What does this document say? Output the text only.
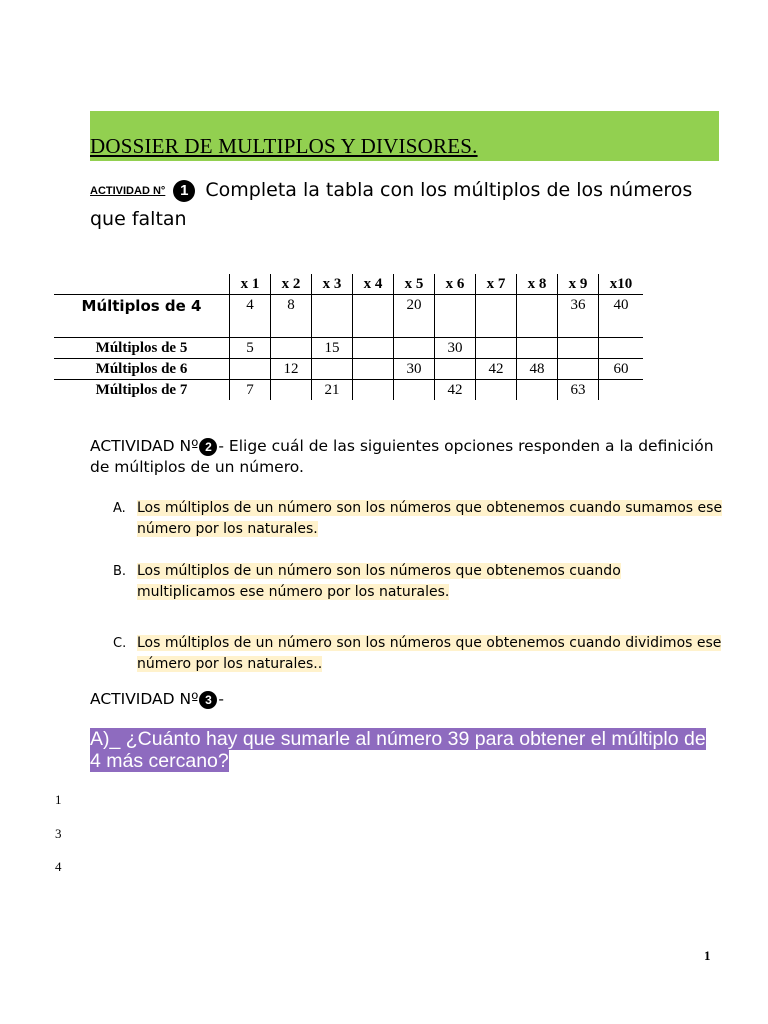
DOSSIER DE MULTIPLOS Y DIVISORES.
ACTIVIDAD N° 1 Completa la tabla con los múltiplos de los números que faltan
	x 1	x 2	x 3	x 4	x 5	x 6	x 7	x 8	x 9	x10
Múltiplos de 4	4	8			20				36	40
Múltiplos de 5	5		15			30				
Múltiplos de 6		12			30		42	48		60
Múltiplos de 7	7		21			42			63	
ACTIVIDAD Nº 2 - Elige cuál de las siguientes opciones responden a la definición de múltiplos de un número.
A. Los múltiplos de un número son los números que obtenemos cuando sumamos ese número por los naturales.
B. Los múltiplos de un número son los números que obtenemos cuando multiplicamos ese número por los naturales.
C. Los múltiplos de un número son los números que obtenemos cuando dividimos ese número por los naturales..
ACTIVIDAD Nº 3 -
A)_ ¿Cuánto hay que sumarle al número 39 para obtener el múltiplo de 4 más cercano?
1
3
4
1
